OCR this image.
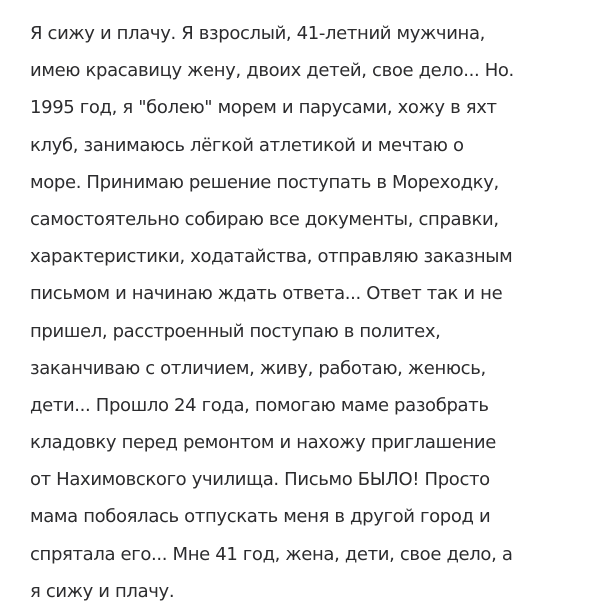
Я сижу и плачу. Я взрослый, 41-летний мужчина,
имею красавицу жену, двоих детей, свое дело... Но.
1995 год, я "болею" морем и парусами, хожу в яхт
клуб, занимаюсь лёгкой атлетикой и мечтаю о
море. Принимаю решение поступать в Мореходку,
самостоятельно собираю все документы, справки,
характеристики, ходатайства, отправляю заказным
письмом и начинаю ждать ответа... Ответ так и не
пришел, расстроенный поступаю в политех,
заканчиваю с отличием, живу, работаю, женюсь,
дети... Прошло 24 года, помогаю маме разобрать
кладовку перед ремонтом и нахожу приглашение
от Нахимовского училища. Письмо БЫЛО! Просто
мама побоялась отпускать меня в другой город и
спрятала его... Мне 41 год, жена, дети, свое дело, а
я сижу и плачу.
